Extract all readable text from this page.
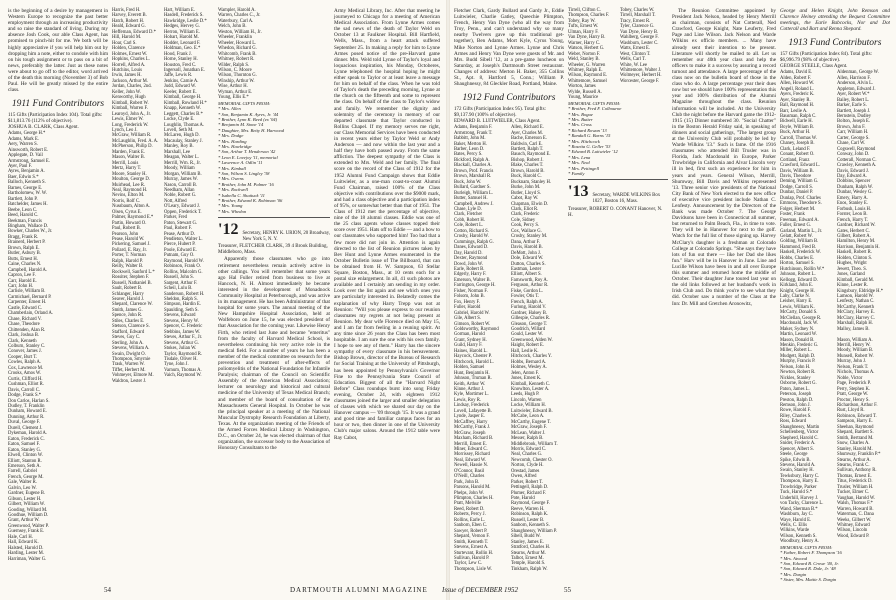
is the beginning of a desire by management in Western Europe to recognize the past better employment through an increasing productivity and so raise the standard of living. During my absence Josh Cook, our able Class Agent, has promised to pinch-hit for me. We both will be highly appreciative if you will help him out by dropping him a note, either to condole with him on his tough assignment or to pass on a bit of news, preferably the latter. Just as these notes were about to go off to the editor, word arrived of the death this morning (November 3) of Bob Paul. He will be greatly missed by the entire class.

1911 Fund Contributors
115 Gifts (Participation Index 104). Total gifts: $11,813.76 (112% of objective).
JOSHUA B. CLARK, Class Agent.
Adams, George H.*
Adams, Mark E.
Aery, Warren S.
Ainsworth, Robert E.
Applegate, D. Vail
Armstrong, Samuel E.
Ayer, Paul F.
Ayres, Benjamin A.
Baer, Edwin S.*
Balloch, Kenneth S.
Barnes, George E.
Bartholomew, W. W.
Bartlett, John P.
Batchelder, James H.
Beebe, Leon C.
Beed, Harold C.
Beekman, Francis
Bingham, Wallace D.
Bowker, Charles W., Jr.
Bragg, Frank R.
Brainerd, Herbert P.
Brown, Ralph E.
Butler, Asbury B.
Butts, Ernest H.
Caine, Charles N.
Campbell, Harold A.
Capron, Lee F.
Carr, Harold E.
Carr, John H.
Carlisle, William B.
Carmichael, Bernard P.
Carpenter, Ernest H.
Castle, Edward C.
Chamberlain, Orland A.
Chase, Richard V.
Chase, Theodore
Chittenden, Alan R.
Clark, Joshua B.
Clark, Kenneth
Colburn, Stanley C.
Conover, James J.
Cooper, Burt T.
Cowles, Ralph A.
Cox, Lawrence M.
Crooks, Amos W.
Curtis, Clifford H.
Cushman, Elliot R.
Davis, Carroll C.
Dodge, Frank S.*
Don Carlos, Harlan S.
Dudley, T. Franklin
Dunham, Howard E.
Dunning, Arthur R.
Duval, George F.
Durell, Clement J.
Dykeman, Harold A.
Eaton, Frederick C.
Eaton, Samuel F.
Eaton, Stanley G.
Elwell, Clinton W.
Elliott, Stanton R.
Emerson, Seth A.
Farrell, Gabriel
French, George M.
Gale, Walter R.
Galvin, Leo W.
Gardner, Eugene B.
Gibson, Lester H.
Gilbert, William W.
Gooding, Willard M.
Goodhue, William D.
Grant, Arthur W.
Greenwood, Walter P.
Guernsey, Frank E.
Hale, Carl H.
Hall, Edward K.
Halsted, Harold D.
Harding, Lester M.
Harriman, Walter G.
Harris, Fred H.	Hart, William E.
Harvey, Everett B.	Hasdell, Frederick S.
Hatch, Robert H.	Hawkridge, Leslie D.*
Heald, Edward G.	Hedges, Hervey G.
Heffernan, Edward D.*	Herron, William E.
Hill, Harold M.	Hobart, Harold M.
Hoar, Carl S.	Hodder, Leonard F.
Holden, Clarence	Holdman, Geo. E.*
Holmes, Ernest W.	Hood, Frank J.
Hopkins, Charles L.	Horne, Stanley H.
Horrell, Alfred A.	Houston, Fred C.
Hutchins, Louis	Ingersoll, Jonathan E.
Irwin, James H.	Jaffe, Lewis R.
Jackson, Arthur M.	Jenkins, Carnie A.
Jordan, Charles, 2nd.	Judd, Edward W.
Keller, John W.	Keeler, Robert E.
Kenworthy, Hugh	Kimball, George H.
Kimball, Robert W.	Kimball, Rowland H.*
Kimball, Warren F.	Knapp, Kenneth W.
Learoyd, John A., Jr.	Leggett, Charles B.*
Lewis, Elmer W.	Locke, Clyde E.
Long, Frederick W.	Loughlin, Thomas A.
Lynch, Leo J.	Lovell, Seth M.
McGraw, William R.	McLaren, Hugh D.
McLaughlin, Fred. A. A.	Macaulay, Stanley J.
McPherson, Philip D.	Manley, Roy B.
Marden, Frank E.	Marshall, Lee
Mason, Walter B.	Meagan, Walter L.
Merrill, Louis	Merrill, Wm. R., Jr.
Mertz, Harry T.	Moody, William
Moore, Stanley H.	Morgan, William B.
Moulton, George D.	Murray, James W.
Muirhead, Lee R.	Nason, Carroll B.
Neal, Raymond H.	Needham, Allan
Nevins, Elton M.	Noble, Robert G.
Norris, Rolf C.	Nott, Alfred
Nussbaum, Alton A.	O'Leary, Edward J.
Olsen, Cyrus E.	Oppen, Frederick T.
Palmer, Raymond E.*	Parker, Fred
Partin, Howard O.	Paton, Stewart G.
Paul, Robert B.	Paul, Robert F.
Pearson, John	Pease, Arthur D.
Pease, Harold W.	Pendleton, Walter L.
Pickering, Samuel J.	Pierce, Hubert P.
Pollard, E. Ray, Jr.	Poole, Edward E.
Porter, T. Norman	Putnam, Guy O.
Ralph, Harold P.	Raymond, Harold W.
Reilly, Walter B.	Robinson, Frank O.
Rockwell, Sanford L.*	Rollins, Malcolm G.
Rossiter, Stephen F.	Russell, John S.
Russell, Nathaniel B.	Sargent, Arthur F.
Sault, Robert B.	Scheil, Lulu B.
Schlanger, Harry	Sanderson, Robert H.
Seaver, Harold J.	Sheldon, Ralph S.
Shepard, Clarence W.	Simpson, Hardin E.
Smith, James G.	Spaulding, Seth S.
Spence, John R.	Stevens, Edward
Stiles, Charles E.	Stevens, Henry W.
Stetson, Clarence S.	Spencer, C. Frederic
Stafford, Edward	Stebbins, James W.
Steves, Guy C.	Steves, Arthur F., Jr.
Sterling, John A.	Stevens, Arthur G.
Stevens, William A.	Stokes, Julian W.
Swain, Dwight O.	Taylor, Raymond R.
Thompson, Smyrnie	Tisdale, Oliver H.
Trask, Warren W.	Tyne, John J.
Tiffet, Herbert M.	Varnum, Thomas A.
Vohmeyer, Elmore M.	Vaich, Raymond W.
Waldron, Lester J.
Wampler, Harold A.
Warren, Charles C., Jr.
Waterbury, Carl A.
Welch, John B.
Weston, William H., Jr.
Wheeler, Franklin
Wheeler, Howard L.
Whedon, Richard G.
Whitcomb, Frank B.
Whitney, Robert R.
Wilder, Ralph S.
Wilson, C. Moore
Wilson, Thornton G.
Winship, Arthur W.
Wise, Arthur H.
Wyman, Arthur E.
Young, Ellis E.*
MEMORIAL GIFTS FROM:
* Mrs. Allen
* Son, Benjamin K. Ayres, Jr. '44
* Brother, Lynn K. Beed (ex '04)
* Benjamin M. Stone '14
* Daughter, Mrs. Betty H. Harwood
* Mrs. Dodge
* Mrs. Harding
* Mrs. Hawkridge
* Son, Arthur T. Henderson '42
* Leon E. Lovejoy '11, memorial
* Lawrence A. Odlin '11
* Mrs. Kimball
* Son, Wilson S. Lingley '38
* Mrs. Owens
* Brother, John M. Palmer '16
* Mrs. Rockwell
* Isabella C. Shattuck '11
* Brother, Edward K. Robinson '06
* Mrs. Young
* Mrs. Whedon
'12 Secretary, HENRY K. URION, 20 Broadway, New York 5, N. Y.
Treasurer, FLETCHER CLARK, 39 4 Brook Building, Middleboro, Mass.

Apparently those classmates who go into retirement nevertheless remain actively active in other callings. You will remember that some years ago Hal Fuller retired from business to live at Hancock, N. H. Almost immediately he became interested in the development of Monadnock Community Hospital at Peterborough, and was active in its management. He has been Administrator of that hospital for some years. The annual meeting of the New Hampshire Hospital Association, held at Wolfeboro on June 15, he was elected president of that Association for the coming year. Likewise Henry Firth, who retired last June and became "emeritus" from the faculty of Harvard Medical School, is nevertheless continuing his very active role in the medical field. For a number of years he has been a member of the medical committee on research for the prevention and treatment of after-effects of poliomyelitis of the National Foundation for Infantile Paralysis; chairman of the Council on Scientific Assembly of the American Medical Association; lecturer on neurology and historical and cultural medicine of the University of Texas Medical Branch; and member of the board of consultation of the Massachusetts General Hospital. In October he was the principal speaker at a meeting of the National Muscular Dystrophy Research Foundation at Liberty, Texas. At the organization meeting of the Friends of the Armed Forces Medical Library in Washington, D.C., on October 24, he was elected chairman of that organization, the successor body to the Association of Honorary Consultants to the

Army Medical Library, Inc. After that meeting he journeyed to Chicago for a meeting of American Medical Association. From Lynne Armes comes the sad news of the death of Taylor Weld on October 13 at Faulkner Hospital. Bill Hartfield, Wells, Mass., from a heart attack suffered September 25. In making a reply for him to Lynne Armes posed notice of the pre-Harvard game dinner. Mrs. Weld told Lynne of Taylor's loyal and loquacious inspiration, his Monday, Octoberes, Lynne telephoned the hospital hoping he might either speak to Taylor or at least leave a message for him on behalf of the class. When he was told of Taylor's death the preceding morning, Lynne at the church on the fifteenth and some to represent the class. On behalf of the class to Taylor's widow and family. We remember the dignity and solemnity of the ceremony in memory of our departed classmate that Taylor conducted in Rollins Chapel. If my memory serves me right, our Class Memorial Services have been conducted in recent years either by Taylor Weld or Andy Anderson — and now within the last year and a half they have both passed away. From the same affliction. The deepest sympathy of the Class is extended to Mrs. Weld and her family. The final score on the record of the Class of 1912 for the 1952 Alumni Fund Campaign shows that Eddie Luitwieler, as a one-man coast-to-coast Alumni Fund Chairman, raised 100% of the Class objective with contributions over the $9000 mark, and had a class objective and a participation index of 95%, or somewhat better than that of 1951. The Class of 1912 met the percentage of objective, nine of the 18 alumni classes. Eddie was one of the 25 class agents whose classes topped their score over 1951. Hats off to Eddie — and a bow to our classmates who supported him! Too bad that a few more did not join in. Attention is again directed to the list of Reunion pictures taken by Bev Hunt and Lynne Armes enumerated in the October Bulletin issue of The Billboard, that can be obtained from H. W. Sampson, 63 Stellar Square, Boston, Mass., at 10 cents each for a postal size enlargement. In all, 41 such photos are available and I certainly am sending in my order. Look over the list again and see which ones you are particularly interested in. Belatedly comes the explanation of why Harry Trepp was not at Reunion: "Will you please express to our reunion classmates my regrets at not being present at Reunion. My dear wife Florence died on May 15, and I am far from feeling in a reuning spirit. At any time since 26 years the Class has been most hospitable. I am sure the one with his own family. I hope to see any of them." Harry has the sincere sympathy of every classmate in his bereavement. Bishop Brown, director of the Bureau of Research for Social Training at the University of Pittsburgh, has been appointed by Pennsylvania's Governor Fine to the Pennsylvania State Council of Education. Biggest of all the "Harvard Night Before" Class roundups burst into song Friday evening, October 24, with eighteen 1912 classmates joined the larger and smaller delegation of classes with which we shared our day on the Hanover campus — '09 through '15. It was a grand and good time and familiar campus faces for an hour or two, then dinner in one of the University Club's major salons. Around the 1912 table were Ray Cabot,

54	DARTMOUTH ALUMNI MAGAZINE

Fletcher Clark, Gardy Bullard and Gardy Jr., Eddie Luitwieler, Charlie Gatley, Queechie Plimpton, French, Henry Van Dyne (who all the way from Troy, Penn., and can't understand why so many nearby Twelvers gave up this traditional get-together), Ben Adams, Mort Kyle, Cyrus Young, Mike Norton and Lynne Armes. Lynne and Chris Armes and Henry Van Dyne were guests of Mr. and Mrs. Budd Sibell '12, at a pre-game luncheon on Saturday, at Joseph's Dartmouth Street restaurant. Changes of address: Merton H. Baker, 355 Collins St., Apt. 8, Hartford 5, Conn.; William P. Shaughnessy, 84 Gleckler Road, Portland, Maine.

1912 Fund Contributors
172 Gifts (Participation Index 95). Total gifts: $9,137.90 (100% of objective).
EDWARD B. LUITWIELER, Class Agent.
Adams, Benjamin F.	Allen, Richard E.
Armstrong, Frank T.	Ayer, Charles M.
Babbitt, John M.	Bache, Emerson E.
Baker, Merton H.	Baldwin, Carl E.
Barber, Leon D.	Bartlett, Ralph T.
Bates, Percy S.	Bausch, Raymond E.
Bickford, Ralph A.	Bishop, Robert J.
Blackall, Charles A.	Blake, Charles T.
Brown, Prof. Francis	Brown, Harold B.
Brown, Marshall R.	Buck, Harold C.
Buck, John W.	Bucknam, Stanley H.
Bullard, Gardner S.	Burke, John M.
Burleigh, William L.	Butler, Lloyd S.
Butter, Samuel H.	Cabot, Ray W.
Campbell, Andrew J.	Chapman, Elwin D.
Chase, Lyle D.	Clark, Eliot R.
Clark, Fletcher	Clark, Frederic
Cobb, Robert H.	Cole, Sidney
Cole, Robert L.	Cook, Percy S.
Cotton, Richard S.	Cox, Wallace G.
Crosby, Harold W.	Crosby, Stanley M.
Cummings, Ralph G.	Dana, Arthur F.
Danes, Edward D.	Davis, Harold B.
Day, Harold D.	DeMott, John J.
Dexter, Raymond	Dole, Edward W.
Dowd, John W.	Dutton, Charles S.
Earle, Robert B.	Eastman, Lester
Edgerly, Harry F.	Elliott, Albert S.
Emerson, Walter B.	Farnsworth, Roy A.
Farrington, George H.	Ferguson, Arthur R.
Fisher, Norman F.	Fiske, Gordon L.
Folsom, John B.	Fowler, Otis T.
Fox, Henry F.	French, Ralph A.
Fuller, Harold	Furlong, Harold V.
Gabriel, Harold W.	Gardner, Halsey B.
Gile, Albert S.	Gillespie, Charles R.
Gimson, Robert W.	Gleason, George T.
Goldsworthy, Raymond	Goodrich, Willard
Gorman, Harold	Gould, Lester W.
Grant, Sydney H.	Greenwood, Alden W.
Guild, Harry F.	Haight, Robert E.
Haines, Harold L.	Hall, Leslie K.
Haycock, Chester P.	Hitchcock, Charles Y.
Hitchcock, Harold L.	Hobbs, Bernard A.
Holden, Samuel	Holmes, Wesley A.
Hunt, Benjamin H.	Jelen, Anton F.
Johnson, Truman R.	Jones, Ernest K.
Keith, Arthur W.	Kimball, Kenneth C.
Kinne, Arthur J.	Knowlton, Lester A.
Kyle, Mortimer L.	Leeds, Hugh P.
Lewis, Roy R.	Lincoln, Warren
Lindsay, Frederick	Locke, William H.
Lovell, Lafayette B.	Luitwieler, Edward B.
Lynde, Jasper E.	McCabe, Leon A.
McCaffrey, Harry	McCarthy, Eugene T.
McCarthy, Frank J.	McGraw, Joseph F.
McGraw, Joseph	McLean, Walter J.
Maxham, Richard B.	Messer, Ralph B.
Merrill, Ernest E.	Middlebrook, William T.
Miner, Edward C.	Morris, Edward C.
Morrissey, Richard	Neal, Charles G.
Neal, Edward W.	Newcomb, Chester O.
Newell, Hassie N.	Norton, Clyde H.
O'Connor, Basil	Orestad, James
O'Neill, Charles	Owen, Alfred
Park, John B.	Parker, Robert T.
Parsons, Harold M.	Pettingell, Ralph D.
Phelps, John W.	Plumer, Richard F.
Plimpton, Charles H.	Pote, Harold
Pratt, Melville	Raymond, George F.
Reed, Robert D.	Reeve, Warren H.
Roberts, Percy J.	Robinson, Ralph K.
Rollins, Earle L.	Russell, Lester B.
Sanborn, Eben C.	Sanborn, Kenneth S.
Sawyer, Robert P.	Shaughnessy, William P.
Shepard, Vernon F.	Sibell, Budd W.
Smith, Kenneth T.	Stanley, James E.
Stevens, Ernest A.	Stratford, Charles H.
Sturtevant, Rollin H.	Stearns, Arthur M.
Sullivan, Harold P.	Talbot, Ernest M.
Taylor, Lew C.	Temple, Harold S.
Thompson, Lisle W.	Tinkham, Ralph W.
Tirrell, Clifton C.	Tobey, Charles W.
Thompson, Charles F.	Tirrell, Marshall T.
Tobey, Ray W.	Tracy, Ernest R.
Tufts, Ernest W.	Tyler, Clarence G.
Ulman, Harry F.	Van Dyne, Henry B.
Van Dyne, Harry B.	Wahlberg, George F.
Warner, Harry C.	Washburn, Lester C.
Watson, Herbert G.	Watts, Ernest E.
Weber, Norton F.	West, Clinton T.
Weld, Stanley B.	Wells, Carl T.
Wheeler, G. Warren	White, W. Lee
Whitney, Ralph E.	Whittemore, Walter J.
Wilson, Raymond E.	Wolmeyer, Herbert H.
Whittemore, Samuel	Worcester, George F.
Worton, James
Wylde, Russell A.
Young, Maurice
MEMORIAL GIFTS FROM:
* Brother, Fred F. Colbourne
* Mrs. Bogue
* Mrs. Butter
* Mrs. Cross
* Richard Rowan '13
* Randall G. Burns '15
* Mrs. Hitchcock
* Rosetta G. Geller '53
* Edward B. Luitwieler '12
* Mrs. Lena
* Mrs. Neal
* Mrs. Pettingell
* Family
'13 Secretary, WARDE WILKINS Box 1027, Boston 16, Mass.
Treasurer, ROBERT O. CONANT Hanover, N. H.

The Reunion Committee appointed by President Jack Nelson, headed by Henry Merrill as chairman, consists of Nat Cotterall, Ned Crawford, George Knight, Nate Leuferty, Fred Page and Line Wilson. Jack Nelson and Warde Wilkins ex officio members. ... Many have already sent their intention to be present. Literature will shortly be mailed to all. Let us remember our 40th year class and help the officers to make it a success by assuring a record turnout and attendance. A large percentage of the class now on the bulletin board of those in the class who do. A large percentage year their dues now but we should have 100% representation this year and 100% distribution of the Alumni Magazine throughout the class. Reunion information will be included. At the University Club the night before the Harvard game the 1912-1915 (15) Dinner numbered 30. "Social Chatter" in the Boston Herald Friday said, in speaking of dinners and social gatherings, "The largest group at the University Club will probably be led by Warde Wilkins '13." Such is fame. Of the 1916 classmates who attended Bill Trusler was in Florida, Jack Macdonald in Europe, Parker Trowbridge in California and Alvar Lincoln very ill in bed, first such an experience for him in years and years. General Wilson, Merrill, Shumway, Bill Davis and Wilkins represented '13. Three senior vice presidents of the National City Bank of New York elected to the new office of executive vice president include Nathan C. Lenfesty. Announcement by the Directors of the Bank was made October 7. The George Davidsons have been in Connecticut all summer, but returned to Palm Beach, Fla., in time to vote. They will be in Hanover for next to the golf. Watch for the full list of those signing up. Harvey McClary's daughter is a freshman at Colorado College at Colorado Springs. "She says they have lots of fun out there — like her Dad she likes fun." Harv will be in Hanover in June. Line and Lucille Wilson have been in and all over Europe this summer and returned home the middle of October. Their daughter June toured last year on the old links followed at her husband's work in Irish Club and. Do think you're to see what they did. October saw a number of the Class at the Inn: Dr. Mill and Gretchen Aronowitz,

George and Helen Knight, John Remson and Clarence Heiney attending the Bequest Committee meetings, the Earle Babcocks, Nor and Dot Cotterall and Bart and Renna Shepard.

1913 Fund Contributors
157 Gifts (Participation Index 84). Total gifts: $6,996.79 (98% of objective).
GEORGE STEELE, Class Agent.
Adams, David E.	Aldenman, George W.
Alden, Robert F.	Allen, Harrison F.
Allen, Howard W.	Anderson, Alvin L.
Angell, Roland L.	Appleton, Edward J.
Ayers, Frederic K.	Ayer, Robert W.*
Ayer, Stanley R.	Bailey, Robert L.
Ball, Raymond H.	Barker, Earle S.
Barr, Leslie A.	Bartlett, Joseph J.
Bausman, Ralph C.	Bernstein, Dudley
Bidwell, Earle H.	Bolton, Joseph E.
Boyle, William B.	Brown, John F.
Buck, Arthur H.	Carr, William H.
Carroll, Thomas W.	Carter, George S.
Chaney, Joseph B.	Chase, Carl W.
Clark, Leland F.	Cogswell, Raymond
Conant, Robert O.	Conway, John D.
Cortland, Franz	Cotterall, Norman C.
Crawford, Edward L.	Crawley, Kenneth A.
Davis, William B.	Davis, Edward J.
Davis, Theodore	Day, Edward A.
Deming, William G.	Dobbins, Spencer
Dodge, Carroll S.	Dunham, Ralph W.
Dunbar, Daniel P.	Dunbar, Wesley G.
Dunlap, Prof. Charles	Emery, Harry A.
Emmons, Theodore S.	Enos, Stanley E.
Folger, Herbert M.	Forbush, Louis H.
Foster, Frank	Forster, Leon B.
Freeman, Edward A.	French, Harry T.
Fuller, Ernest G.	Gardner, Richard W.
Garland, Martin L., Jr.	Gates, Herbert C.
Gelatt, Robert W.	Gilbert, Robert A.
Golding, William B.	Hamilton, Henry M.
Hammond, Fred B.	Harrison, Benjamin H.
Haskell, Frederick W.	Haskell, Robert R.
Hobbs, Charles E.	Holden, Clinton S.
Horton, Samuel S.	Hughes, Wright
Hutchinson, Rollin W.*	Jewett, Theo. S.
Johnson, Robert L.	Jones, Garland
Kellogg, Edward D.	Kimball, Gerald M.
Kirkland, John E.	Kinne, Lester R.
Knight, George H.	Kingsbury, Eldridge H.*
Lahy, Clarke N.	Lamson, Harold W.
Leisher, Harry E.	Lenfesty, Nathan C.
Lewis, William K.	McCarthy, Kenneth
McCarty, Donald S.	McClary, Harvey E.
McClellan, George R.	McClary, Harvey C.
Macdonald, Jack W.	Marshall, Ralph H.
Maker, Sydney N.	Malloy, James B.
Martin, Leonard W.
Mason, Donald B.	Mason, William A.
Menkin, Frederic G.	Merrill, Henry W.
Miller, Robert L.	Moody, William B.
Mudgett, Ralph D.	Munsell, Robert W.
Murphy, Francis P.	Murray, John J.
Nelson, John H.	Nelson, Frank T.
Newton, Robert R.	Nichols, Thomas A.
Nickles, Stanley	Noble, Victor
Osborne, Robert G.	Page, Frederick P.
Paton, James L.	Perry, Stephen K.
Peterson, Joseph	Pratt, George W.
Preston, Ralph D.	Proctor, Henry S.
Remson, John J.	Richardson, Arthur F.
Rowe, Harold F.	Rust, Lloyd R.
Riley, Charles S.	Robinson, Edward T.
Ross, Edward	Sampson, Harry E.
Shaughnessy, Martin	Sheehan, Raymond
Schellenberg, Victor	Shepard, Bartlett S.
Shepherd, Harold C.	Smith, Bertrand M.
Snider, Frederic A.	Snow, Charles A.
Spencer, Albert S.	Stanley, Harold M.
Steele, George	Shumway, Franklin P.*
Spike, Edwin B.	Stearns, Arthur A.
Stevens, Harold A.	Stearns, Frank C.
Swain, Stanley H.	Sullivan, Anthony R.
Tewksbury, Harry C.	Thomas, Ernest E.
Thompson, Harry E.	Titus, Frederick D.
Trowbridge, Parker	Trusler, William H.
Tuck, Harold S.*	Tucker, Elmer C.
Underhill, Harvey J.	Vaughan, Harold W.
von Tacky, Clarence L.	Walsh, Thomas F.*
Wand, Sherman B.*	Warren, Howard B.
Washburn, Jay C.	Waterman, C. Dana
Waye, Harold E.	Weeks, Gilbert W.
Wells, C. Ellis	Whitney, Edward
Wilkins, Warde	Wilson, Lincoln
Wilson, Kenneth S.	Wood, Edward P.
Woodbury, Henry A.
MEMORIAL GIFTS FROM:
* Father, Robert F. Thompson '16
* Mrs. Atwood
* Son, Edward B. Crowe '40, Jr.
* Son, Edward R. Dale, Jr. '48
* Mrs. Durgin
* Sister, Mrs. Mattie S. Durgin
Issue of DECEMBER 1952	55
